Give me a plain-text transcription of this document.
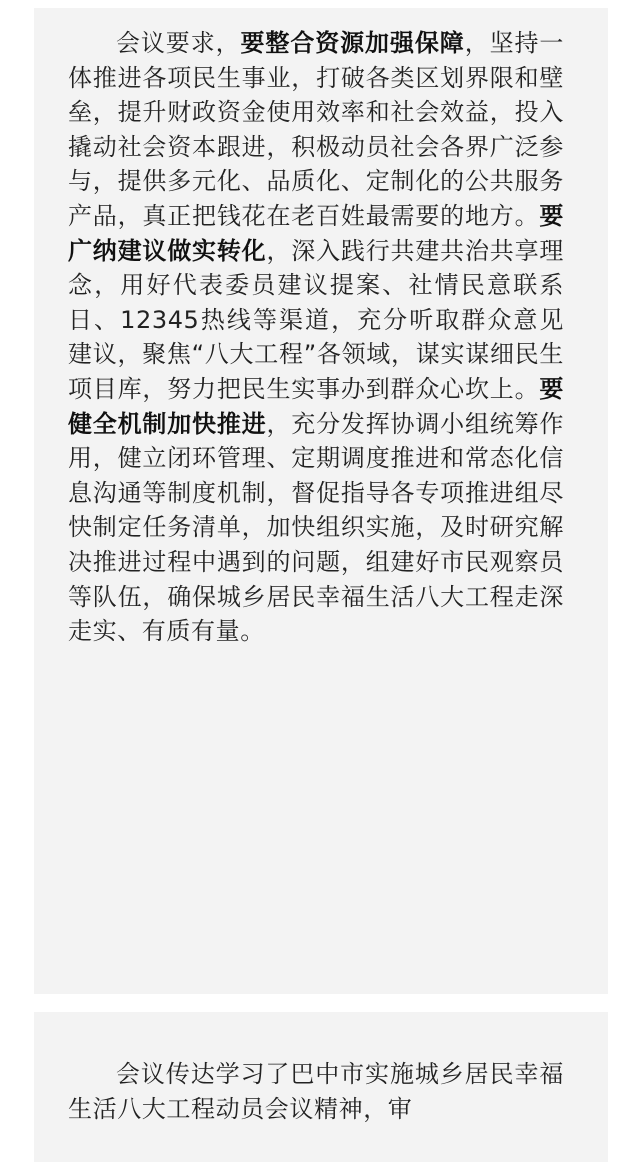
会议要求，要整合资源加强保障，坚持一体推进各项民生事业，打破各类区划界限和壁垒，提升财政资金使用效率和社会效益，投入撬动社会资本跟进，积极动员社会各界广泛参与，提供多元化、品质化、定制化的公共服务产品，真正把钱花在老百姓最需要的地方。要广纳建议做实转化，深入践行共建共治共享理念，用好代表委员建议提案、社情民意联系日、12345热线等渠道，充分听取群众意见建议，聚焦“八大工程”各领域，谋实谋细民生项目库，努力把民生实事办到群众心坎上。要健全机制加快推进，充分发挥协调小组统筹作用，健立闭环管理、定期调度推进和常态化信息沟通等制度机制，督促指导各专项推进组尽快制定任务清单，加快组织实施，及时研究解决推进过程中遇到的问题，组建好市民观察员等队伍，确保城乡居民幸福生活八大工程走深走实、有质有量。

会议传达学习了巴中市实施城乡居民幸福生活八大工程动员会议精神，审
